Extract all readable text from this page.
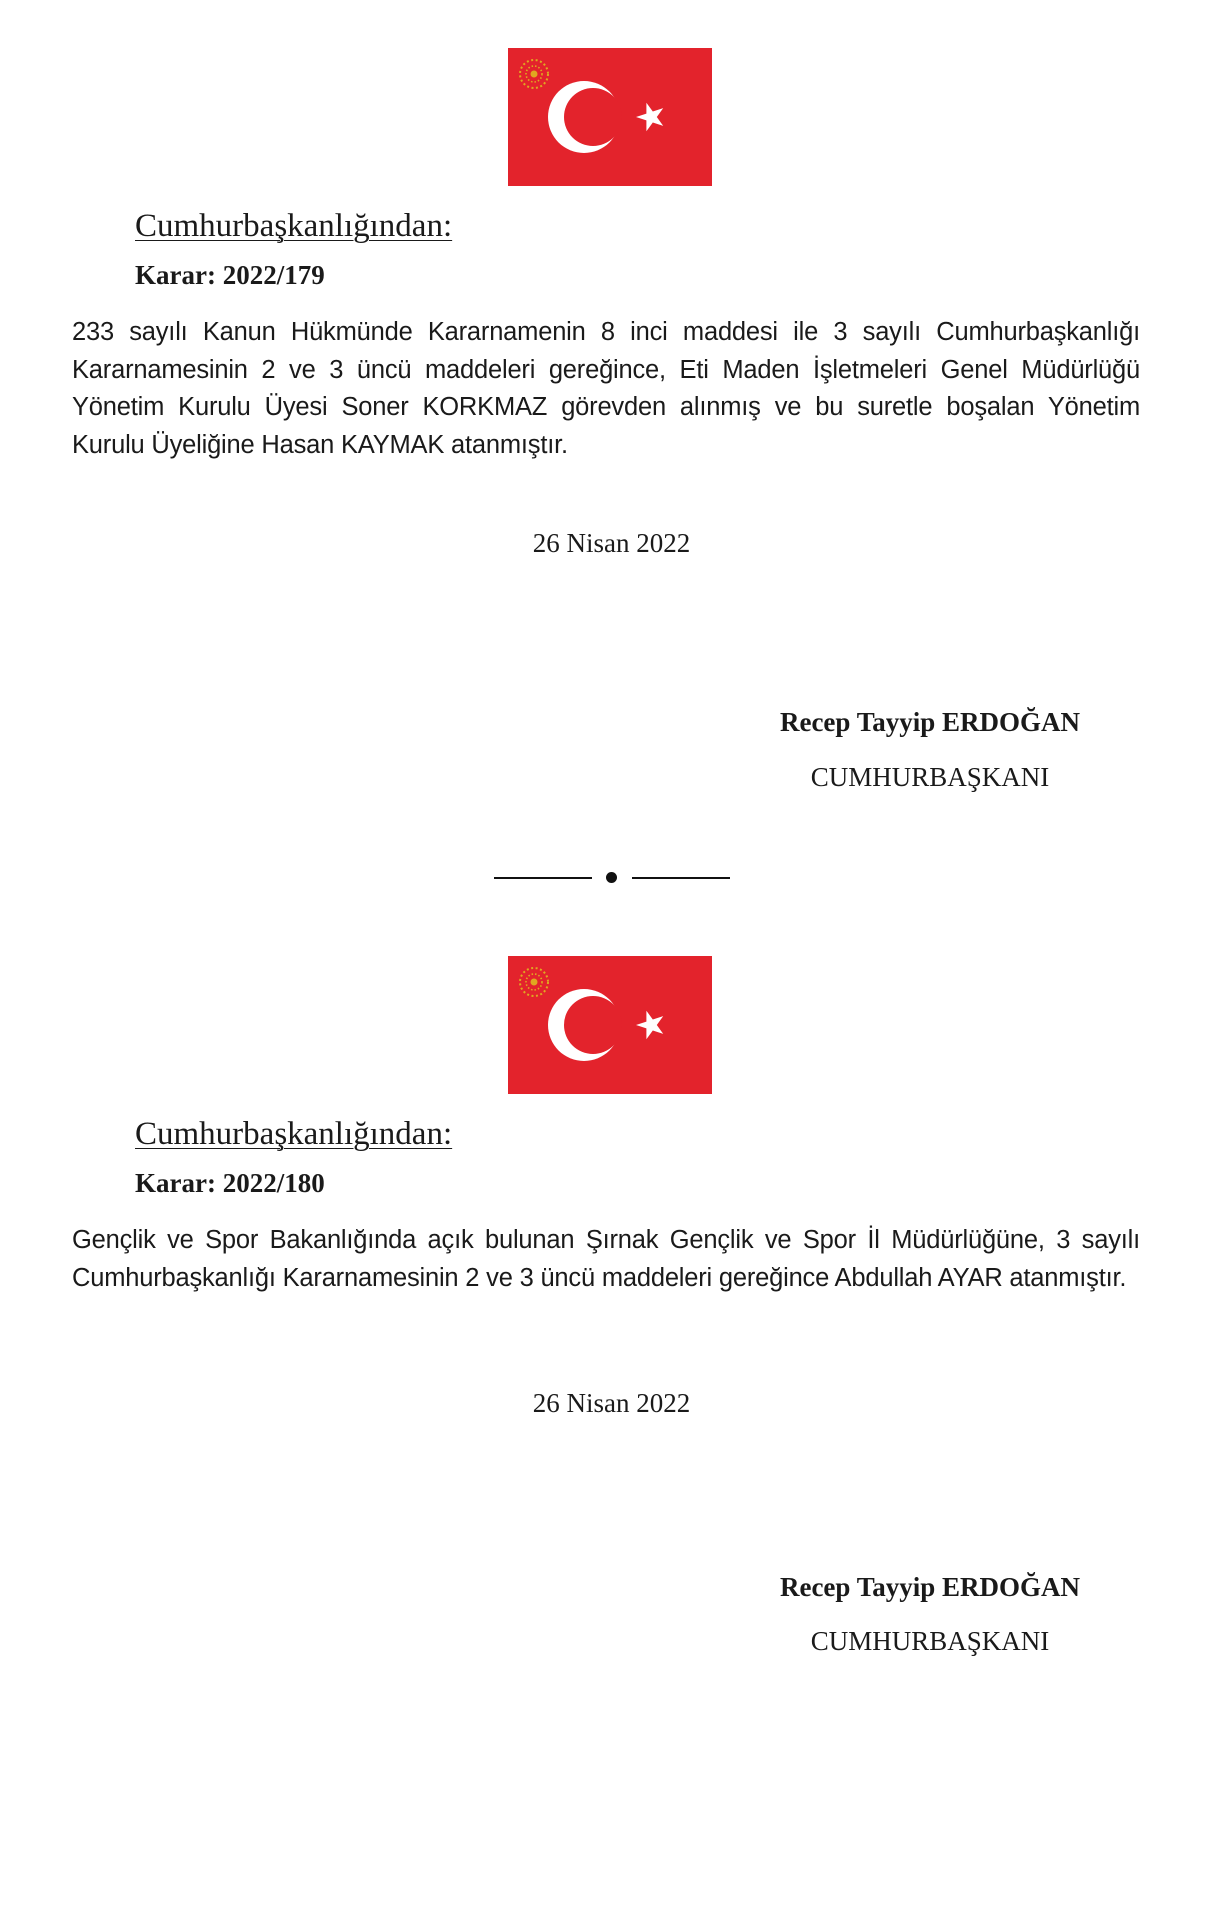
Cumhurbaşkanlığından:
Karar: 2022/179

233 sayılı Kanun Hükmünde Kararnamenin 8 inci maddesi ile 3 sayılı Cumhurbaşkanlığı Kararnamesinin 2 ve 3 üncü maddeleri gereğince, Eti Maden İşletmeleri Genel Müdürlüğü Yönetim Kurulu Üyesi Soner KORKMAZ görevden alınmış ve bu suretle boşalan Yönetim Kurulu Üyeliğine Hasan KAYMAK atanmıştır.

26 Nisan 2022
Recep Tayyip ERDOĞAN
CUMHURBAŞKANI
Cumhurbaşkanlığından:
Karar: 2022/180

Gençlik ve Spor Bakanlığında açık bulunan Şırnak Gençlik ve Spor İl Müdürlüğüne, 3 sayılı Cumhurbaşkanlığı Kararnamesinin 2 ve 3 üncü maddeleri gereğince Abdullah AYAR atanmıştır.

26 Nisan 2022
Recep Tayyip ERDOĞAN
CUMHURBAŞKANI
